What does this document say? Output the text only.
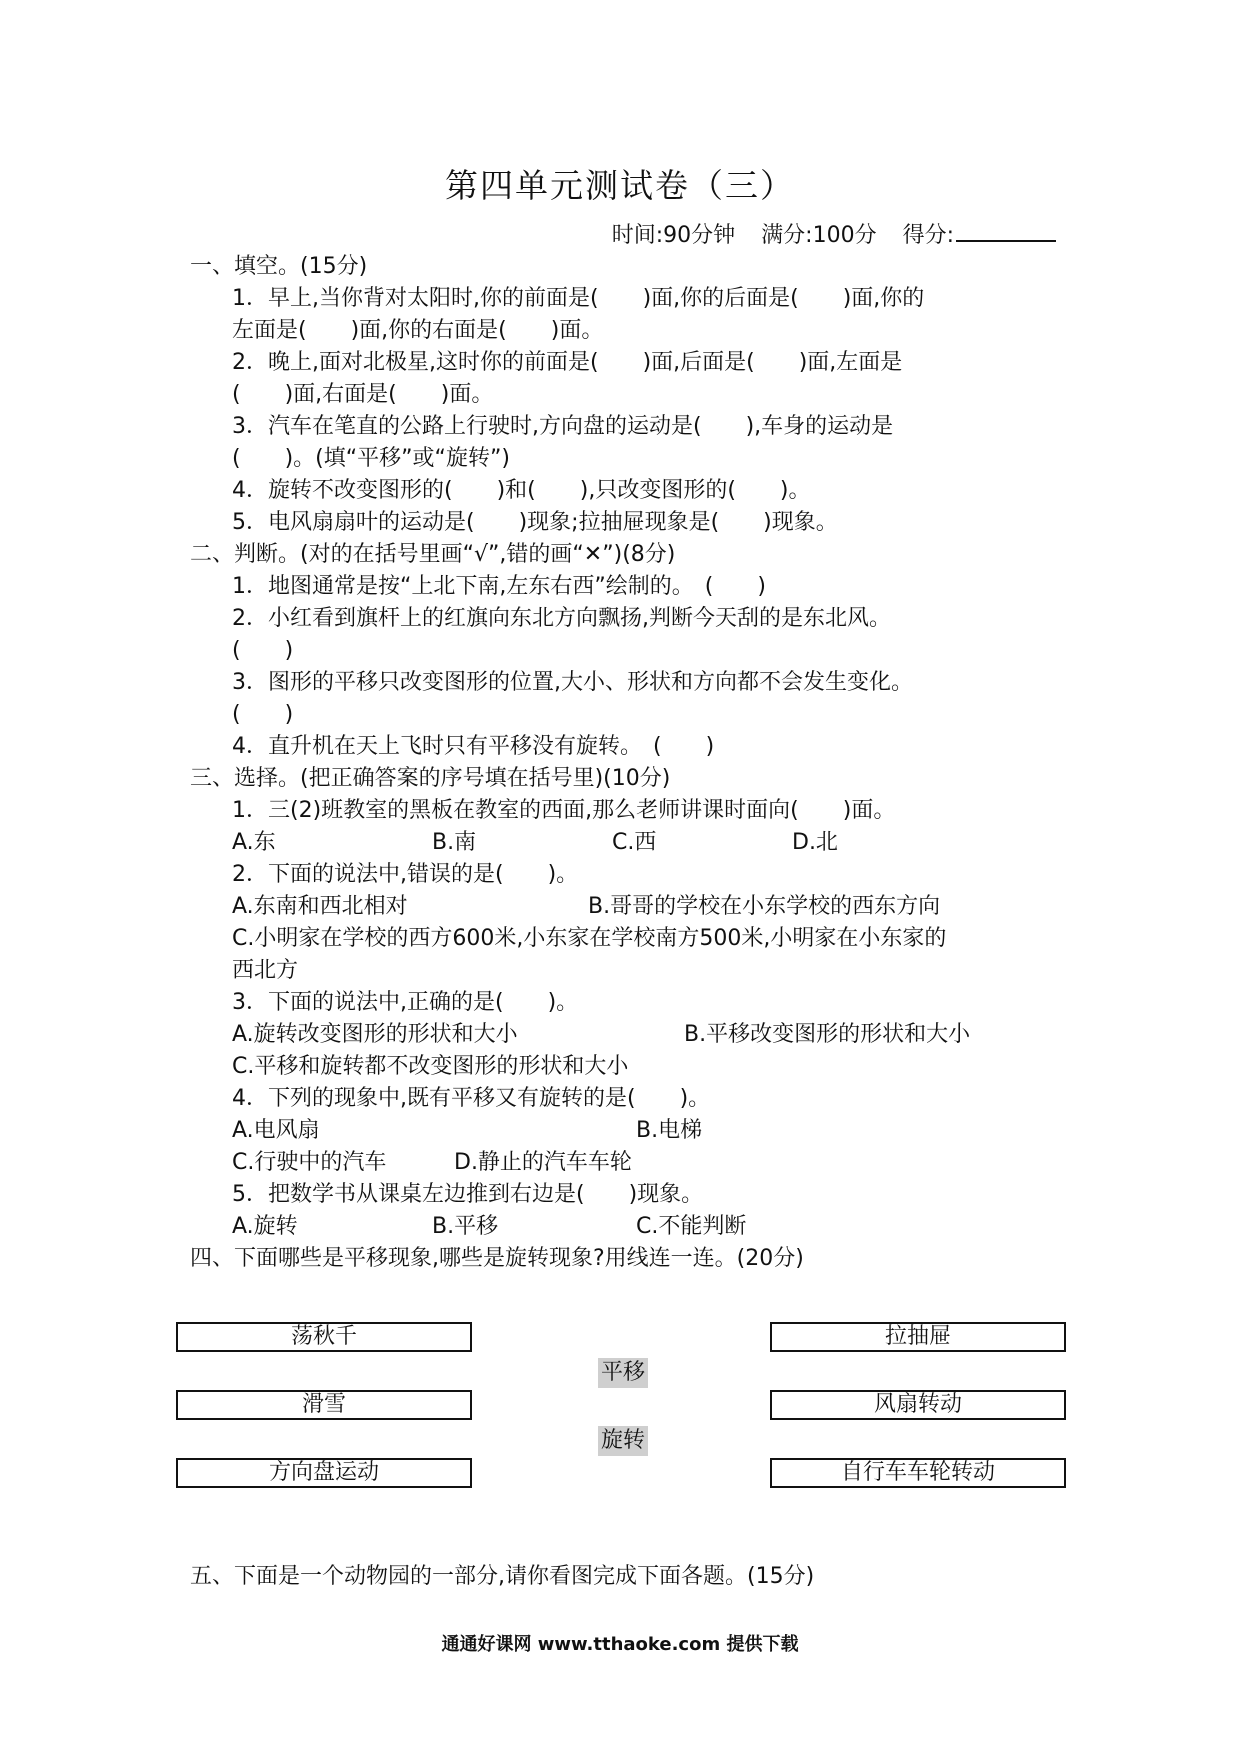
第四单元测试卷（三）
时间:90分钟 满分:100分 得分:
一、填空。(15分)
1．早上,当你背对太阳时,你的前面是(　　)面,你的后面是(　　)面,你的
左面是(　　)面,你的右面是(　　)面。
2．晚上,面对北极星,这时你的前面是(　　)面,后面是(　　)面,左面是
(　　)面,右面是(　　)面。
3．汽车在笔直的公路上行驶时,方向盘的运动是(　　),车身的运动是
(　　)。(填“平移”或“旋转”)
4．旋转不改变图形的(　　)和(　　),只改变图形的(　　)。
5．电风扇扇叶的运动是(　　)现象;拉抽屉现象是(　　)现象。
二、判断。(对的在括号里画“√”,错的画“✕”)(8分)
1．地图通常是按“上北下南,左东右西”绘制的。　(　　)
2．小红看到旗杆上的红旗向东北方向飘扬,判断今天刮的是东北风。
(　　)
3．图形的平移只改变图形的位置,大小、形状和方向都不会发生变化。
(　　)
4．直升机在天上飞时只有平移没有旋转。　(　　)
三、选择。(把正确答案的序号填在括号里)(10分)
1．三(2)班教室的黑板在教室的西面,那么老师讲课时面向(　　)面。
A.东	B.南	C.西	D.北
2．下面的说法中,错误的是(　　)。
A.东南和西北相对	B.哥哥的学校在小东学校的西东方向
C.小明家在学校的西方600米,小东家在学校南方500米,小明家在小东家的
西北方
3．下面的说法中,正确的是(　　)。
A.旋转改变图形的形状和大小	B.平移改变图形的形状和大小
C.平移和旋转都不改变图形的形状和大小
4．下列的现象中,既有平移又有旋转的是(　　)。
A.电风扇	B.电梯
C.行驶中的汽车	D.静止的汽车车轮
5．把数学书从课桌左边推到右边是(　　)现象。
A.旋转	B.平移	C.不能判断
四、下面哪些是平移现象,哪些是旋转现象?用线连一连。(20分)
荡秋千
滑雪
方向盘运动
平移
旋转
拉抽屉
风扇转动
自行车车轮转动
五、下面是一个动物园的一部分,请你看图完成下面各题。(15分)
通通好课网 www.tthaoke.com 提供下载
